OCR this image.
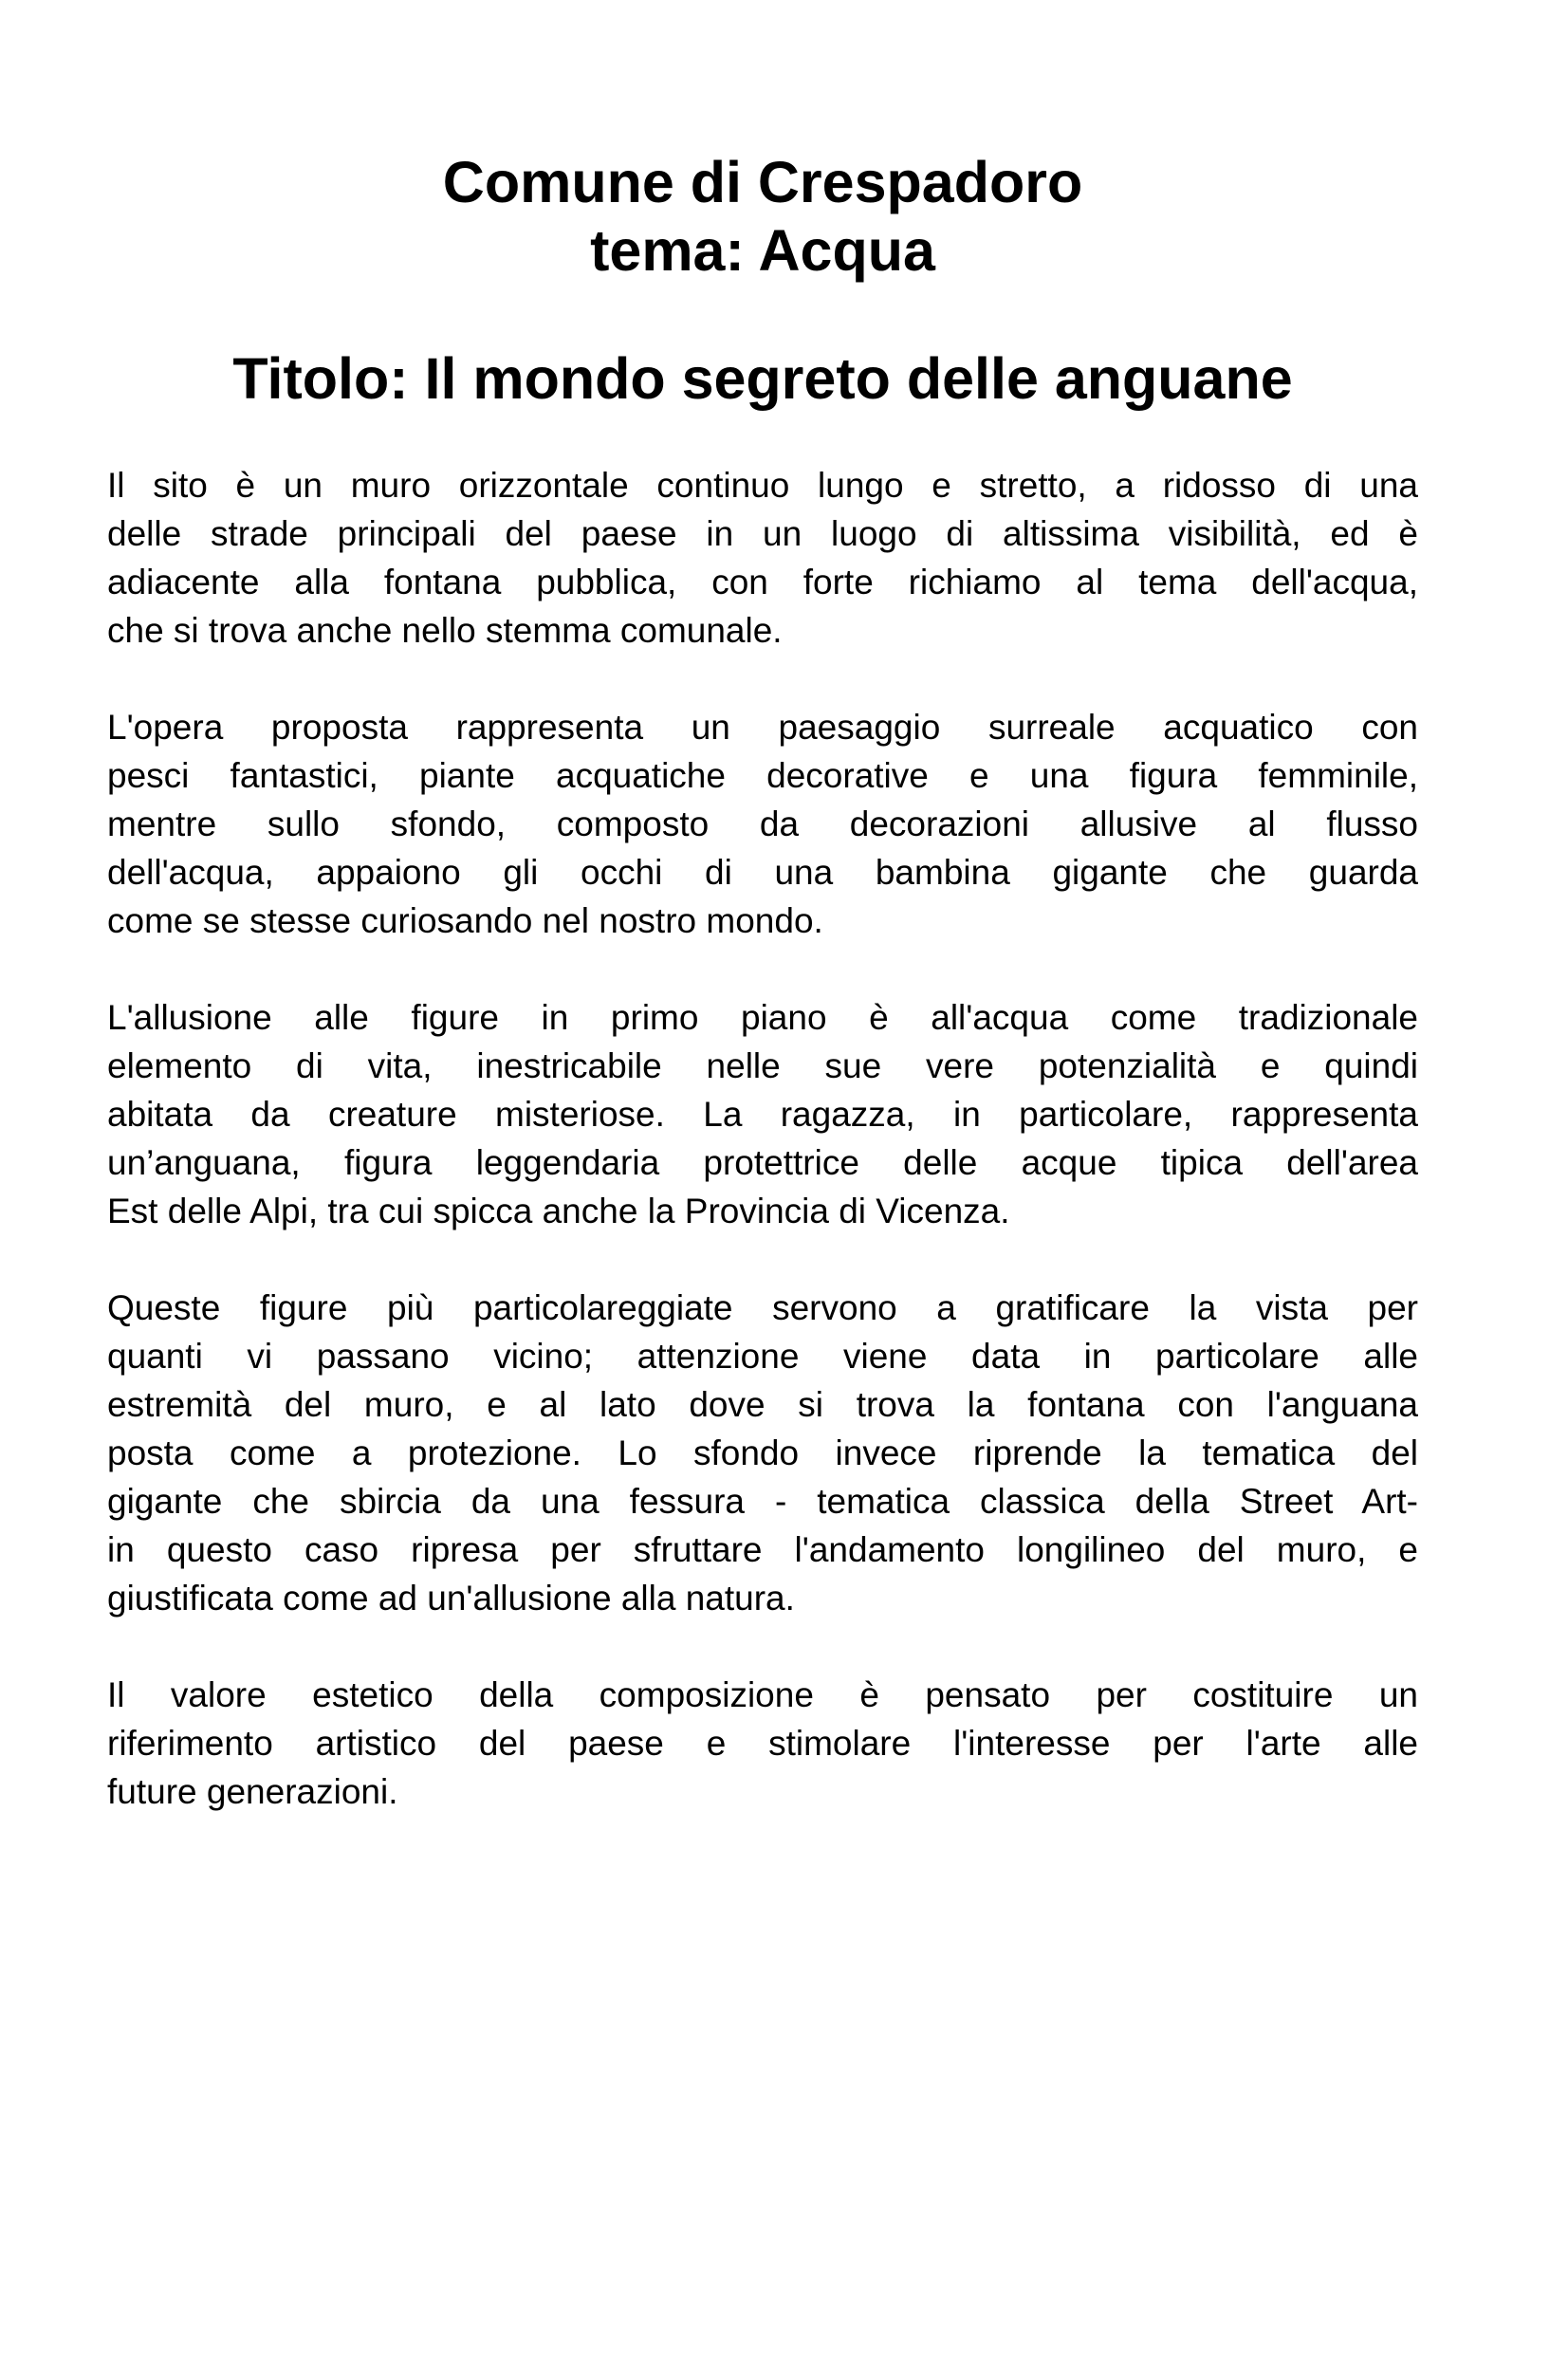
Comune di Crespadoro
tema: Acqua
Titolo: Il mondo segreto delle anguane
Il sito è un muro orizzontale continuo lungo e stretto, a ridosso di una
delle strade principali del paese in un luogo di altissima visibilità, ed è
adiacente alla fontana pubblica, con forte richiamo al tema dell'acqua,
che si trova anche nello stemma comunale.
L'opera proposta rappresenta un paesaggio surreale acquatico con
pesci fantastici, piante acquatiche decorative e una figura femminile,
mentre sullo sfondo, composto da decorazioni allusive al flusso
dell'acqua, appaiono gli occhi di una bambina gigante che guarda
come se stesse curiosando nel nostro mondo.
L'allusione alle figure in primo piano è all'acqua come tradizionale
elemento di vita, inestricabile nelle sue vere potenzialità e quindi
abitata da creature misteriose. La ragazza, in particolare, rappresenta
un’anguana, figura leggendaria protettrice delle acque tipica dell'area
Est delle Alpi, tra cui spicca anche la Provincia di Vicenza.
Queste figure più particolareggiate servono a gratificare la vista per
quanti vi passano vicino; attenzione viene data in particolare alle
estremità del muro, e al lato dove si trova la fontana con l'anguana
posta come a protezione. Lo sfondo invece riprende la tematica del
gigante che sbircia da una fessura - tematica classica della Street Art-
in questo caso ripresa per sfruttare l'andamento longilineo del muro, e
giustificata come ad un'allusione alla natura.
Il valore estetico della composizione è pensato per costituire un
riferimento artistico del paese e stimolare l'interesse per l'arte alle
future generazioni.
